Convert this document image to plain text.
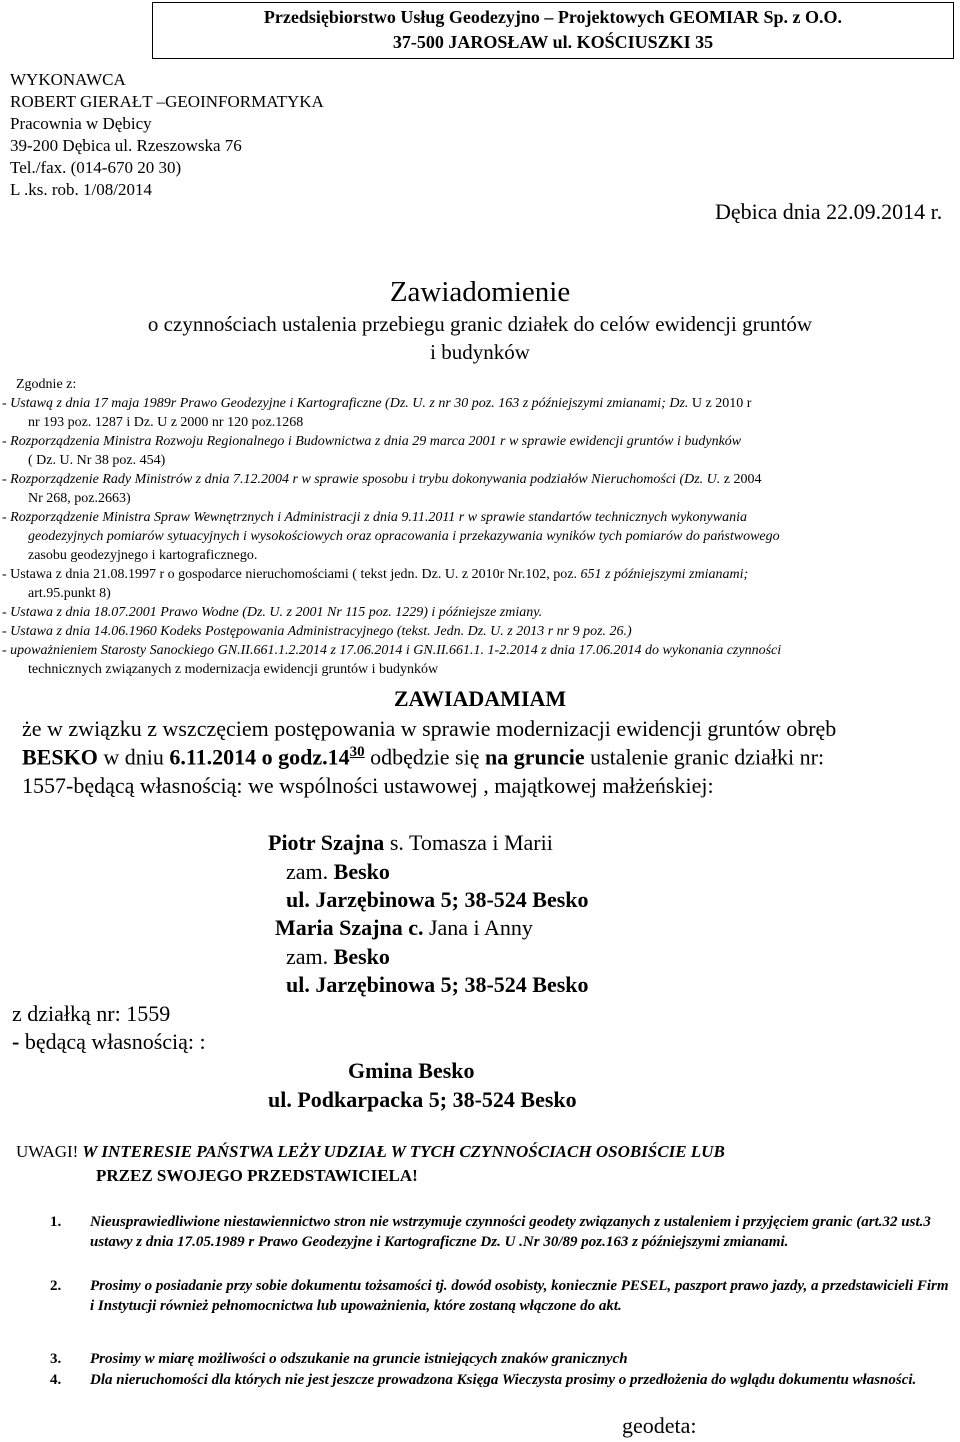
Przedsiębiorstwo Usług Geodezyjno – Projektowych GEOMIAR Sp. z O.O.
37-500 JAROSŁAW ul. KOŚCIUSZKI 35
WYKONAWCA
ROBERT GIERAŁT –GEOINFORMATYKA
Pracownia w Dębicy
39-200 Dębica ul. Rzeszowska 76
Tel./fax. (014-670 20 30)
L .ks. rob. 1/08/2014
Dębica dnia 22.09.2014 r.
Zawiadomienie
o czynnościach ustalenia przebiegu granic działek do celów ewidencji gruntów
i budynków
Zgodnie z:
- Ustawą z dnia 17 maja 1989r Prawo Geodezyjne i Kartograficzne (Dz. U. z nr 30 poz. 163 z późniejszymi zmianami; Dz. U z 2010 r
nr 193 poz. 1287 i Dz. U z 2000 nr 120 poz.1268
- Rozporządzenia Ministra Rozwoju Regionalnego i Budownictwa z dnia 29 marca 2001 r w sprawie ewidencji gruntów i budynków
( Dz. U. Nr 38 poz. 454)
- Rozporządzenie Rady Ministrów z dnia 7.12.2004 r w sprawie sposobu i trybu dokonywania podziałów Nieruchomości (Dz. U. z 2004
Nr 268, poz.2663)
- Rozporządzenie Ministra Spraw Wewnętrznych i Administracji z dnia 9.11.2011 r w sprawie standartów technicznych wykonywania
geodezyjnych pomiarów sytuacyjnych i wysokościowych oraz opracowania i przekazywania wyników tych pomiarów do państwowego
zasobu geodezyjnego i kartograficznego.
- Ustawa z dnia 21.08.1997 r o gospodarce nieruchomościami ( tekst jedn. Dz. U. z 2010r Nr.102, poz. 651 z późniejszymi zmianami;
art.95.punkt 8)
- Ustawa z dnia 18.07.2001 Prawo Wodne (Dz. U. z 2001 Nr 115 poz. 1229) i późniejsze zmiany.
- Ustawa z dnia 14.06.1960 Kodeks Postępowania Administracyjnego (tekst. Jedn. Dz. U. z 2013 r nr 9 poz. 26.)
- upoważnieniem Starosty Sanockiego GN.II.661.1.2.2014 z 17.06.2014 i GN.II.661.1. 1-2.2014 z dnia 17.06.2014 do wykonania czynności
technicznych związanych z modernizacja ewidencji gruntów i budynków
ZAWIADAMIAM
że w związku z wszczęciem postępowania w sprawie modernizacji ewidencji gruntów obręb
BESKO w dniu 6.11.2014 o $godz.14^{30}$ odbędzie się na gruncie ustalenie granic działki nr:
1557-będącą własnością: we wspólności ustawowej , majątkowej małżeńskiej:
Piotr Szajna s. Tomasza i Marii
zam. Besko
ul. Jarzębinowa 5; 38-524 Besko
Maria Szajna c. Jana i Anny
zam. Besko
ul. Jarzębinowa 5; 38-524 Besko
z działką nr: 1559
- będącą własnością: :
Gmina Besko
ul. Podkarpacka 5; 38-524 Besko
UWAGI! W INTERESIE PAŃSTWA LEŻY UDZIAŁ W TYCH CZYNNOŚCIACH OSOBIŚCIE LUB
PRZEZ SWOJEGO PRZEDSTAWICIELA!
1. Nieusprawiedliwione niestawiennictwo stron nie wstrzymuje czynności geodety związanych z ustaleniem i przyjęciem granic (art.32 ust.3 ustawy z dnia 17.05.1989 r Prawo Geodezyjne i Kartograficzne Dz. U .Nr 30/89 poz.163 z późniejszymi zmianami.
2. Prosimy o posiadanie przy sobie dokumentu tożsamości tj. dowód osobisty, koniecznie PESEL, paszport prawo jazdy, a przedstawicieli Firm i Instytucji również pełnomocnictwa lub upoważnienia, które zostaną włączone do akt.
3. Prosimy w miarę możliwości o odszukanie na gruncie istniejących znaków granicznych
4. Dla nieruchomości dla których nie jest jeszcze prowadzona Księga Wieczysta prosimy o przedłożenia do wglądu dokumentu własności.
geodeta:
